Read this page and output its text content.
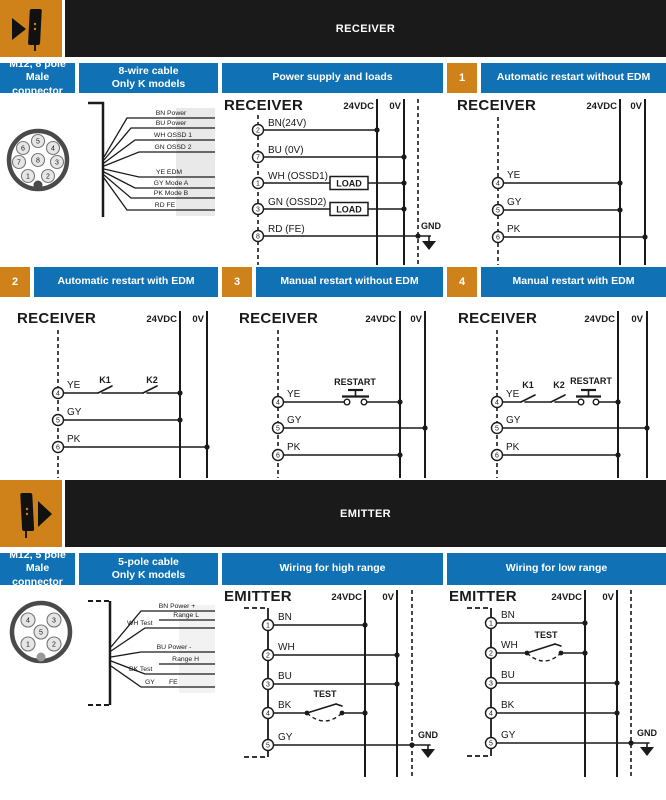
RECEIVER
M12, 8 pole
Male connector
8-wire cable
Only K models
Power supply and loads	1	Automatic restart without EDM
1 2
3
4
5
6
7 8
BN Power
BU Power
WH OSSD 1
GN OSSD 2
YE EDM
GY Mode A
PK Mode B
RD FE
RECEIVER	24VDC 0V
LOAD
LOAD
GND
2
7
1
3
8
BN(24V)
BU (0V)
WH (OSSD1)
GN (OSSD2)
RD (FE)
RECEIVER	24VDC 0V
4
5
6
YE
GY
PK
2	Automatic restart with EDM	3	Manual restart without EDM	4	Manual restart with EDM
RECEIVER	24VDC 0V
K1	K2
4
5
6
YE
GY
PK
RECEIVER	24VDC 0V
RESTART
4
5
6
YE
GY
PK
RECEIVER	24VDC 0V
K1 K2 RESTART
4
5
6
YE
GY
PK
EMITTER
M12, 5 pole
Male connector
5-pole cable
Only K models
Wiring for high range	Wiring for low range
1	2
3
4
5
BN Power +
Range L
WH Test
BU Power -
Range H
BK Test
GY FE
EMITTER	24VDC 0V
TEST
GND
1
2
3
4
5
BN
WH
BU
BK
GY
EMITTER	24VDC 0V
TEST
GND
1
2
3
4
5
BN
WH
BU
BK
GY
